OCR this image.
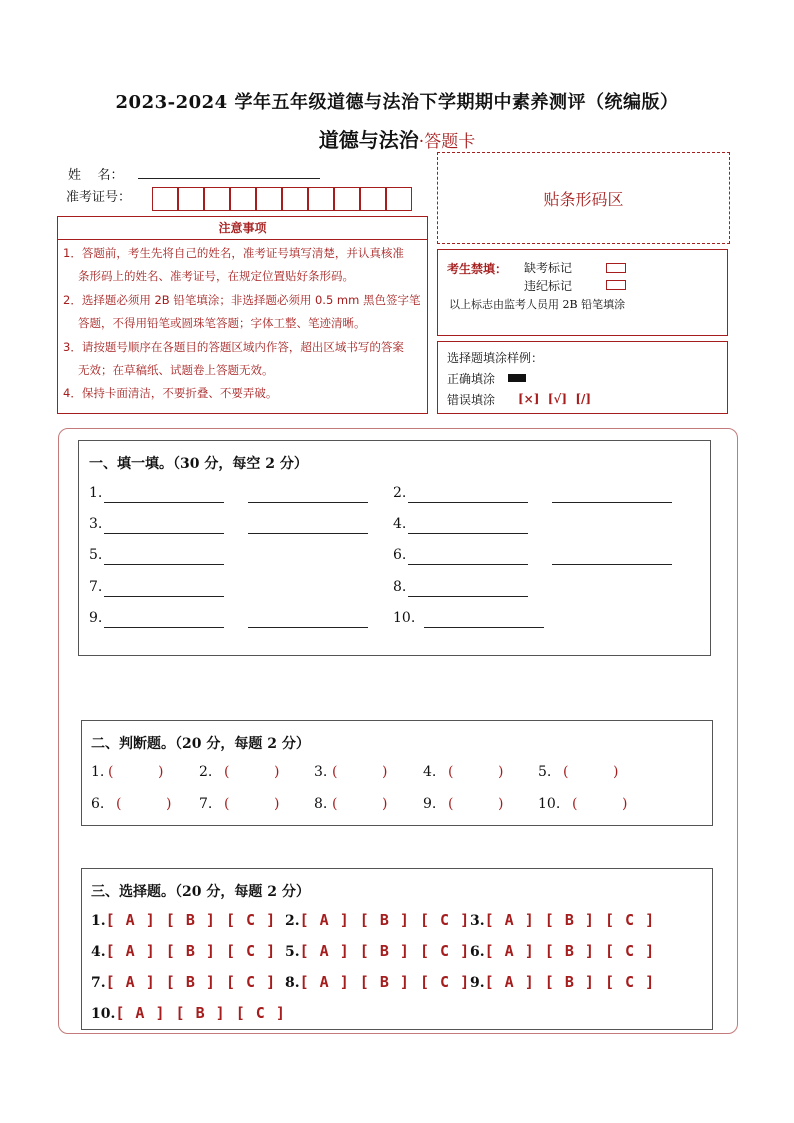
2023-2024 学年五年级道德与法治下学期期中素养测评（统编版）
道德与法治·答题卡
姓    名：
准考证号：
注意事项
1．答题前，考生先将自己的姓名，准考证号填写清楚，并认真核准
条形码上的姓名、准考证号，在规定位置贴好条形码。
2．选择题必须用 2B 铅笔填涂；非选择题必须用 0.5 mm 黑色签字笔
答题，不得用铅笔或圆珠笔答题；字体工整、笔迹清晰。
3．请按题号顺序在各题目的答题区域内作答，超出区域书写的答案
无效；在草稿纸、试题卷上答题无效。
4．保持卡面清洁，不要折叠、不要弄破。
贴条形码区
考生禁填： 缺考标记
违纪标记
以上标志由监考人员用 2B 铅笔填涂
选择题填涂样例：
正确填涂
错误填涂 [×]  [√]  [/]
一、填一填。（30 分，每空 2 分）
1.	2.
3.	4.
5.	6.
7.	8.
9.	10.
二、判断题。（20 分，每题 2 分）
1. (          )	2. (          ) 3. (          )	4. (          ) 5. (          )
6. (          ) 7. (          ) 8. (          )	9. (          ) 10. (          )
三、选择题。（20 分，每题 2 分）
1.[ A ] [ B ] [ C ] 2.[ A ] [ B ] [ C ] 3.[ A ] [ B ] [ C ]
4.[ A ] [ B ] [ C ] 5.[ A ] [ B ] [ C ] 6.[ A ] [ B ] [ C ]
7.[ A ] [ B ] [ C ] 8.[ A ] [ B ] [ C ] 9.[ A ] [ B ] [ C ]
10.[ A ] [ B ] [ C ]
